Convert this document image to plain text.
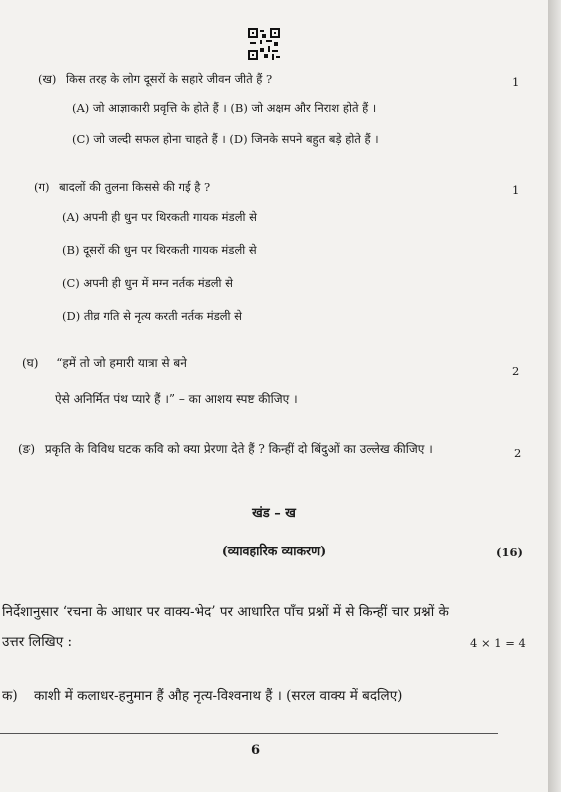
(ख) किस तरह के लोग दूसरों के सहारे जीवन जीते हैं ?	1
(A) जो आज्ञाकारी प्रवृत्ति के होते हैं । (B) जो अक्षम और निराश होते हैं ।
(C) जो जल्दी सफल होना चाहते हैं । (D) जिनके सपने बहुत बड़े होते हैं ।
(ग) बादलों की तुलना किससे की गई है ?	1
(A) अपनी ही धुन पर थिरकती गायक मंडली से
(B) दूसरों की धुन पर थिरकती गायक मंडली से
(C) अपनी ही धुन में मग्न नर्तक मंडली से
(D) तीव्र गति से नृत्य करती नर्तक मंडली से
(घ) “हमें तो जो हमारी यात्रा से बने
2
ऐसे अनिर्मित पंथ प्यारे हैं ।” – का आशय स्पष्ट कीजिए ।
(ङ) प्रकृति के विविध घटक कवि को क्या प्रेरणा देते हैं ? किन्हीं दो बिंदुओं का उल्लेख कीजिए ।	2
खंड – ख
(व्यावहारिक व्याकरण)	(16)
निर्देशानुसार ‘रचना के आधार पर वाक्य-भेद’ पर आधारित पाँच प्रश्नों में से किन्हीं चार प्रश्नों के
उत्तर लिखिए :	4 × 1 = 4
क) काशी में कलाधर-हनुमान हैं औह नृत्य-विश्वनाथ हैं । (सरल वाक्य में बदलिए)
6
